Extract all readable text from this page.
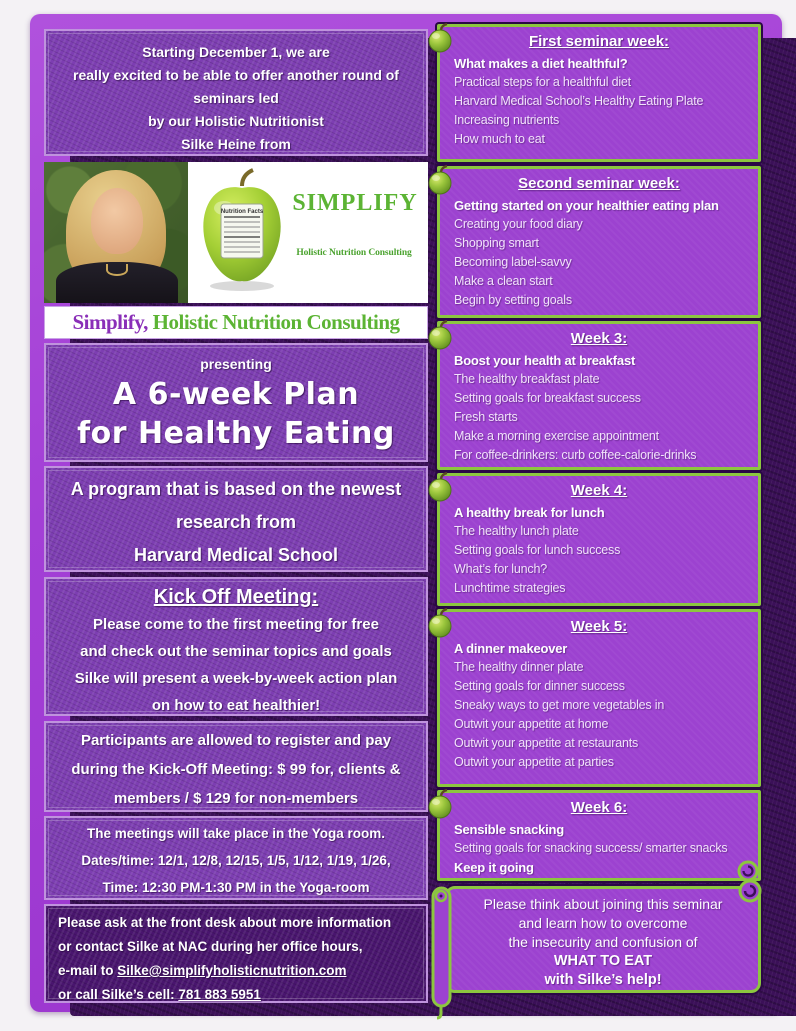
Starting December 1, we are
really excited to be able to offer another round of
seminars led
by our Holistic Nutritionist
Silke Heine from
Nutrition Facts	SIMPLIFY
Holistic Nutrition Consulting
Simplify, Holistic Nutrition Consulting
presenting
A 6-week Plan
for Healthy Eating
A program that is based on the newest
research from
Harvard Medical School
Kick Off Meeting:
Please come to the first meeting for free
and check out the seminar topics and goals
Silke will present a week-by-week action plan
on how to eat healthier!
Participants are allowed to register and pay
during the Kick-Off Meeting: $ 99 for, clients &
members / $ 129 for non-members
The meetings will take place in the Yoga room.
Dates/time: 12/1, 12/8, 12/15, 1/5, 1/12, 1/19, 1/26,
Time: 12:30 PM-1:30 PM in the Yoga-room
Please ask at the front desk about more information
or contact Silke at NAC during her office hours,
e-mail to Silke@simplifyholisticnutrition.com
or call Silke’s cell: 781 883 5951
Week 6:
Sensible snacking
Setting goals for snacking success/ smarter snacks
Keep it going
Week 5:
A dinner makeover
The healthy dinner plate
Setting goals for dinner success
Sneaky ways to get more vegetables in
Outwit your appetite at home
Outwit your appetite at restaurants
Outwit your appetite at parties
Week 4:
A healthy break for lunch
The healthy lunch plate
Setting goals for lunch success
What’s for lunch?
Lunchtime strategies
Week 3:
Boost your health at breakfast
The healthy breakfast plate
Setting goals for breakfast success
Fresh starts
Make a morning exercise appointment
For coffee-drinkers: curb coffee-calorie-drinks
Second seminar week:
Getting started on your healthier eating plan
Creating your food diary
Shopping smart
Becoming label-savvy
Make a clean start
Begin by setting goals
First seminar week:
What makes a diet healthful?
Practical steps for a healthful diet
Harvard Medical School’s Healthy Eating Plate
Increasing nutrients
How much to eat
Please think about joining this seminar
and learn how to overcome
the insecurity and confusion of
WHAT TO EAT
with Silke’s help!
